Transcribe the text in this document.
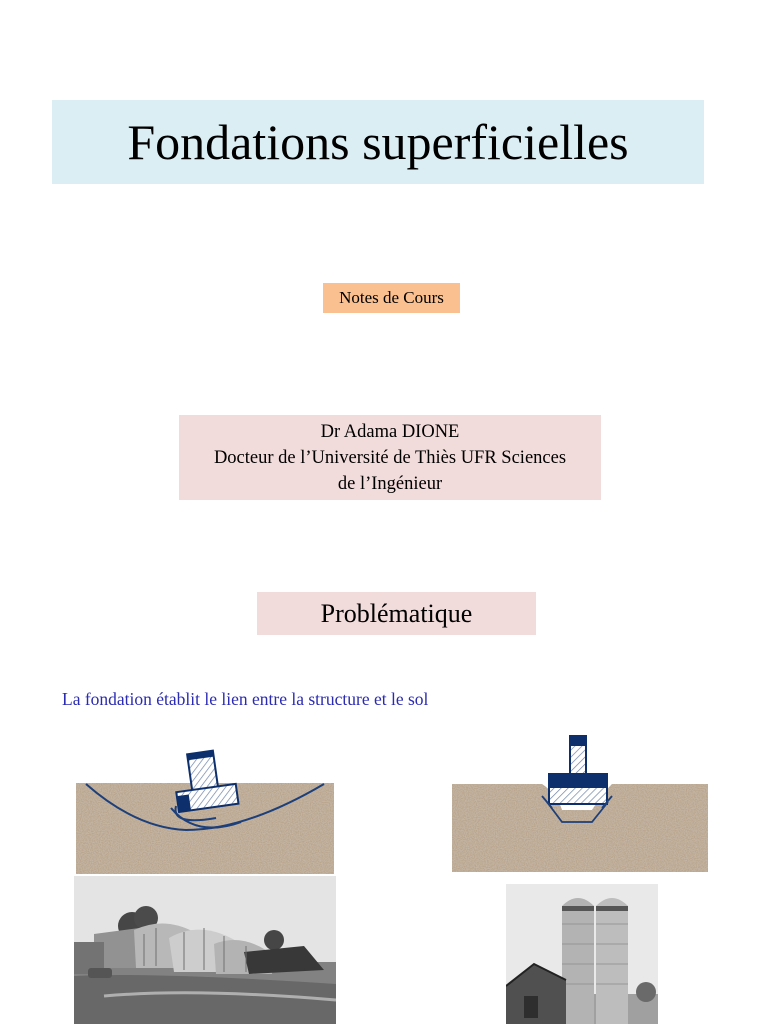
Fondations superficielles
Notes de Cours
Dr Adama DIONE
Docteur de l’Université de Thiès UFR Sciences
de l’Ingénieur
Problématique
La fondation établit le lien entre la structure et le sol
